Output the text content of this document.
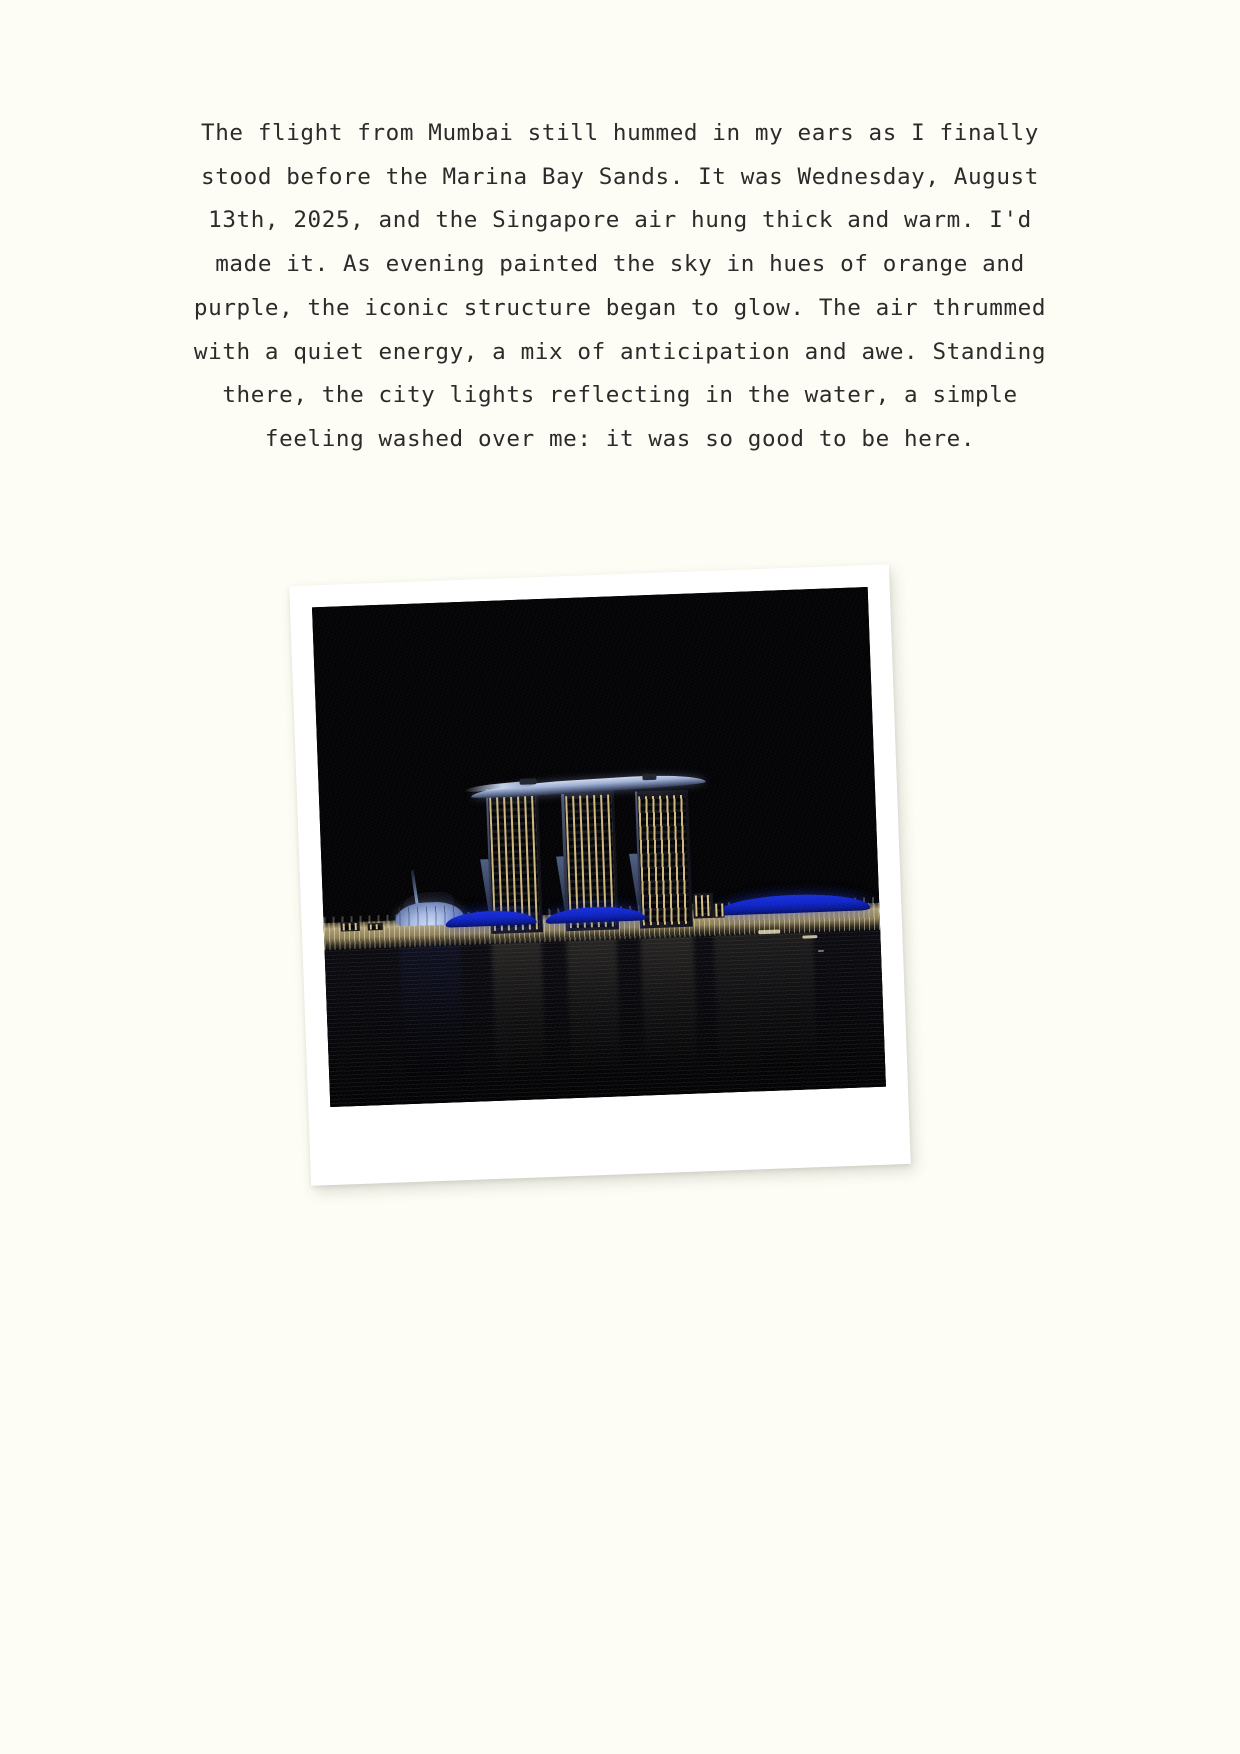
The flight from Mumbai still hummed in my ears as I finally stood before the Marina Bay Sands. It was Wednesday, August 13th, 2025, and the Singapore air hung thick and warm. I'd made it. As evening painted the sky in hues of orange and purple, the iconic structure began to glow. The air thrummed with a quiet energy, a mix of anticipation and awe. Standing there, the city lights reflecting in the water, a simple feeling washed over me: it was so good to be here.
